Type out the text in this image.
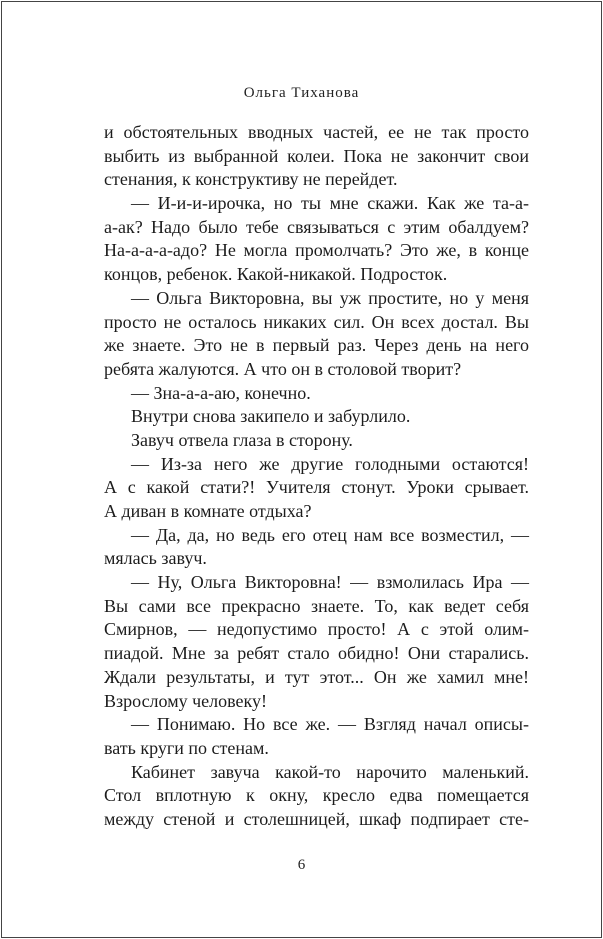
Ольга Тиханова
и обстоятельных вводных частей, ее не так просто
выбить из выбранной колеи. Пока не закончит свои
стенания, к конструктиву не перейдет.
— И-и-и-ирочка, но ты мне скажи. Как же та-а-
а-ак? Надо было тебе связываться с этим обалдуем?
На-а-а-а-адо? Не могла промолчать? Это же, в конце
концов, ребенок. Какой-никакой. Подросток.
— Ольга Викторовна, вы уж простите, но у меня
просто не осталось никаких сил. Он всех достал. Вы
же знаете. Это не в первый раз. Через день на него
ребята жалуются. А что он в столовой творит?
— Зна-а-а-аю, конечно.
Внутри снова закипело и забурлило.
Завуч отвела глаза в сторону.
— Из-за него же другие голодными остаются!
А с какой стати?! Учителя стонут. Уроки срывает.
А диван в комнате отдыха?
— Да, да, но ведь его отец нам все возместил, —
мялась завуч.
— Ну, Ольга Викторовна! — взмолилась Ира —
Вы сами все прекрасно знаете. То, как ведет себя
Смирнов, — недопустимо просто! А с этой олим-
пиадой. Мне за ребят стало обидно! Они старались.
Ждали результаты, и тут этот... Он же хамил мне!
Взрослому человеку!
— Понимаю. Но все же. — Взгляд начал описы-
вать круги по стенам.
Кабинет завуча какой-то нарочито маленький.
Стол вплотную к окну, кресло едва помещается
между стеной и столешницей, шкаф подпирает сте-
6
